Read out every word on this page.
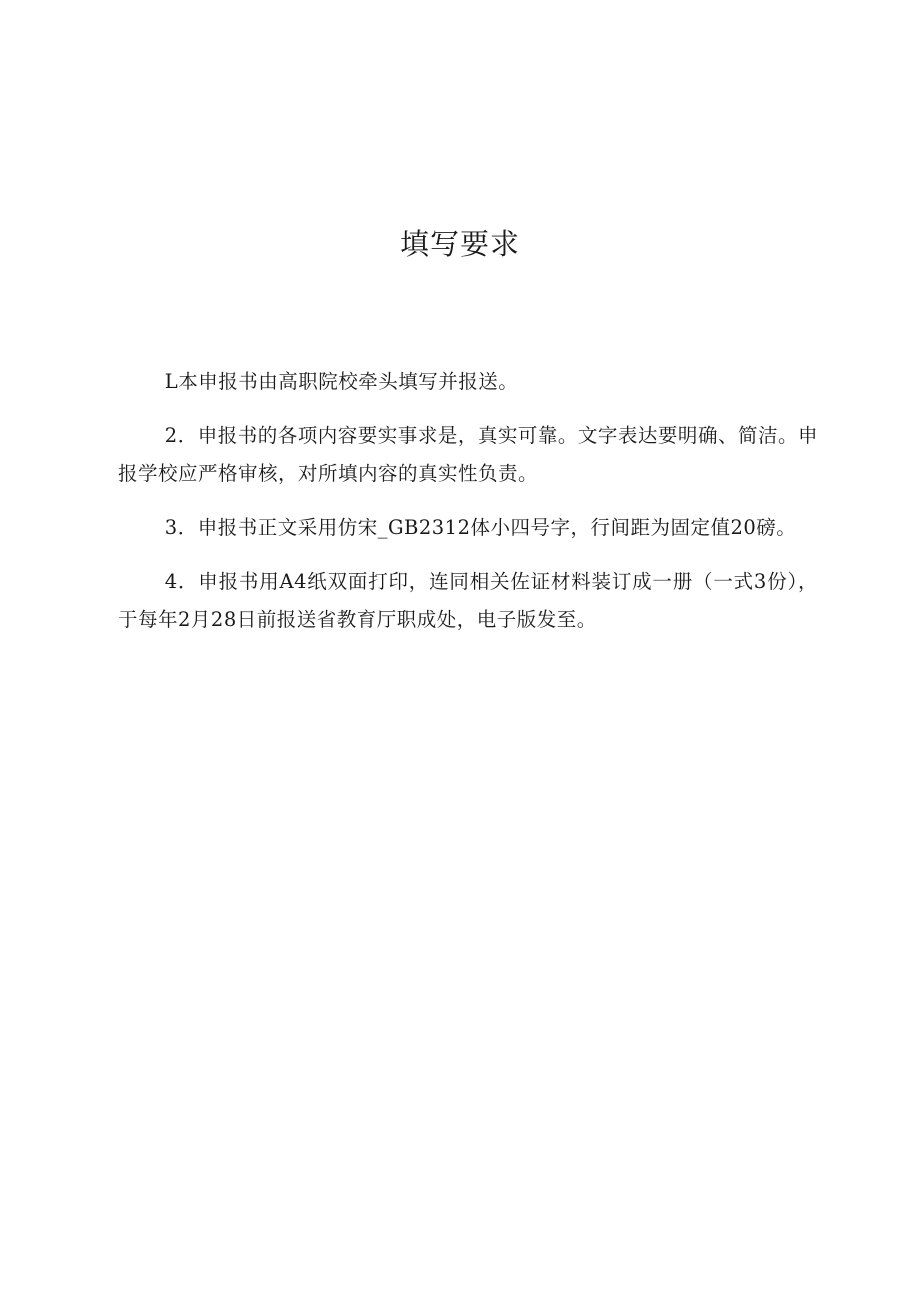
填写要求
L本申报书由高职院校牵头填写并报送。
2．申报书的各项内容要实事求是，真实可靠。文字表达要明确、简洁。申报学校应严格审核，对所填内容的真实性负责。
3．申报书正文采用仿宋_GB2312体小四号字，行间距为固定值20磅。
4．申报书用A4纸双面打印，连同相关佐证材料装订成一册（一式3份），于每年2月28日前报送省教育厅职成处，电子版发至。
